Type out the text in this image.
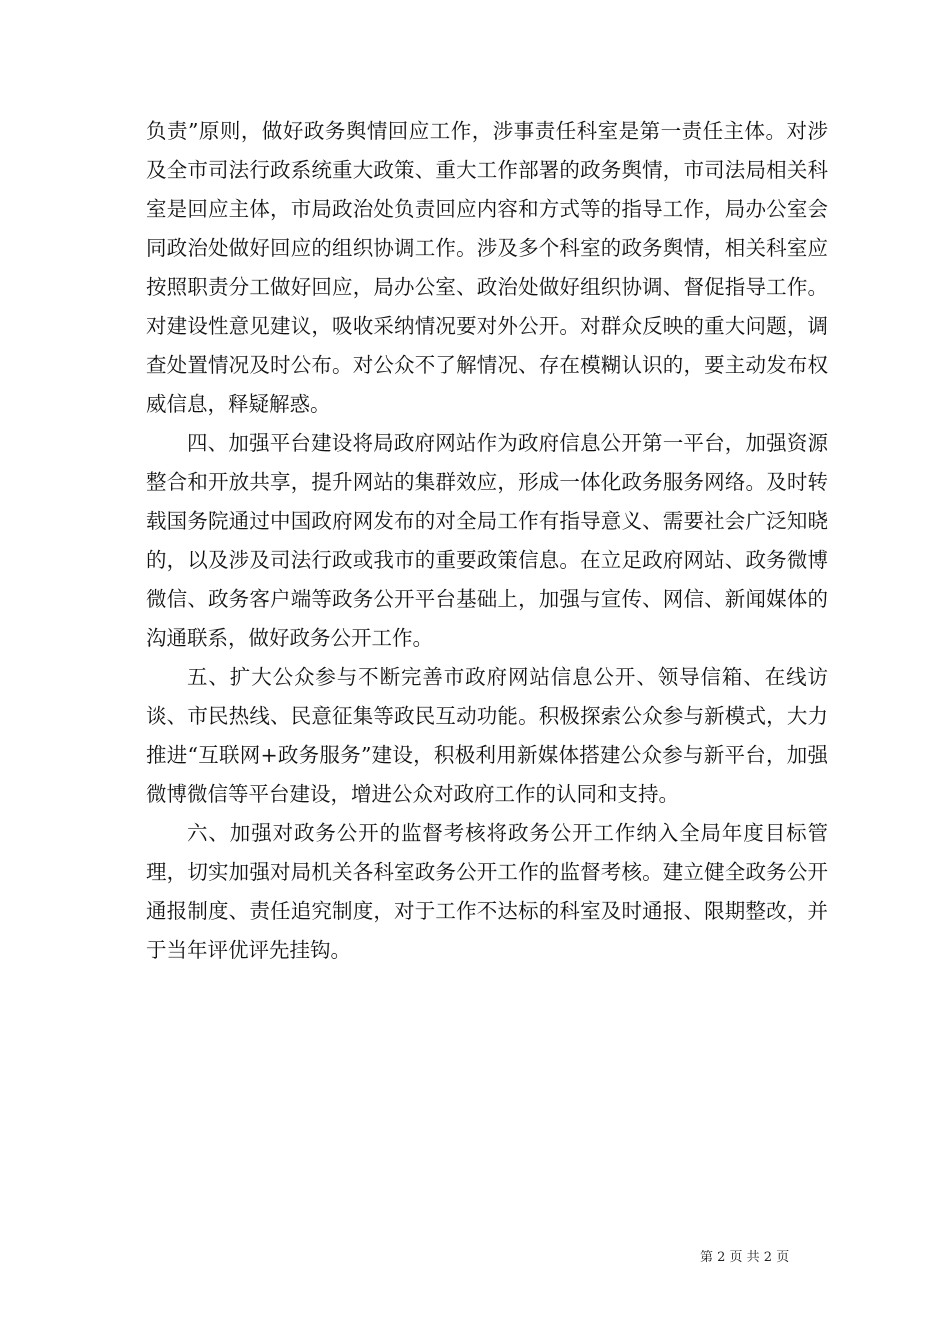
负责”原则，做好政务舆情回应工作，涉事责任科室是第一责任主体。对涉及全市司法行政系统重大政策、重大工作部署的政务舆情，市司法局相关科室是回应主体，市局政治处负责回应内容和方式等的指导工作，局办公室会同政治处做好回应的组织协调工作。涉及多个科室的政务舆情，相关科室应按照职责分工做好回应，局办公室、政治处做好组织协调、督促指导工作。对建设性意见建议，吸收采纳情况要对外公开。对群众反映的重大问题，调查处置情况及时公布。对公众不了解情况、存在模糊认识的，要主动发布权威信息，释疑解惑。

四、加强平台建设将局政府网站作为政府信息公开第一平台，加强资源整合和开放共享，提升网站的集群效应，形成一体化政务服务网络。及时转载国务院通过中国政府网发布的对全局工作有指导意义、需要社会广泛知晓的，以及涉及司法行政或我市的重要政策信息。在立足政府网站、政务微博微信、政务客户端等政务公开平台基础上，加强与宣传、网信、新闻媒体的沟通联系，做好政务公开工作。

五、扩大公众参与不断完善市政府网站信息公开、领导信箱、在线访谈、市民热线、民意征集等政民互动功能。积极探索公众参与新模式，大力推进“互联网+政务服务”建设，积极利用新媒体搭建公众参与新平台，加强微博微信等平台建设，增进公众对政府工作的认同和支持。

六、加强对政务公开的监督考核将政务公开工作纳入全局年度目标管理，切实加强对局机关各科室政务公开工作的监督考核。建立健全政务公开通报制度、责任追究制度，对于工作不达标的科室及时通报、限期整改，并于当年评优评先挂钩。

第 2 页 共 2 页
